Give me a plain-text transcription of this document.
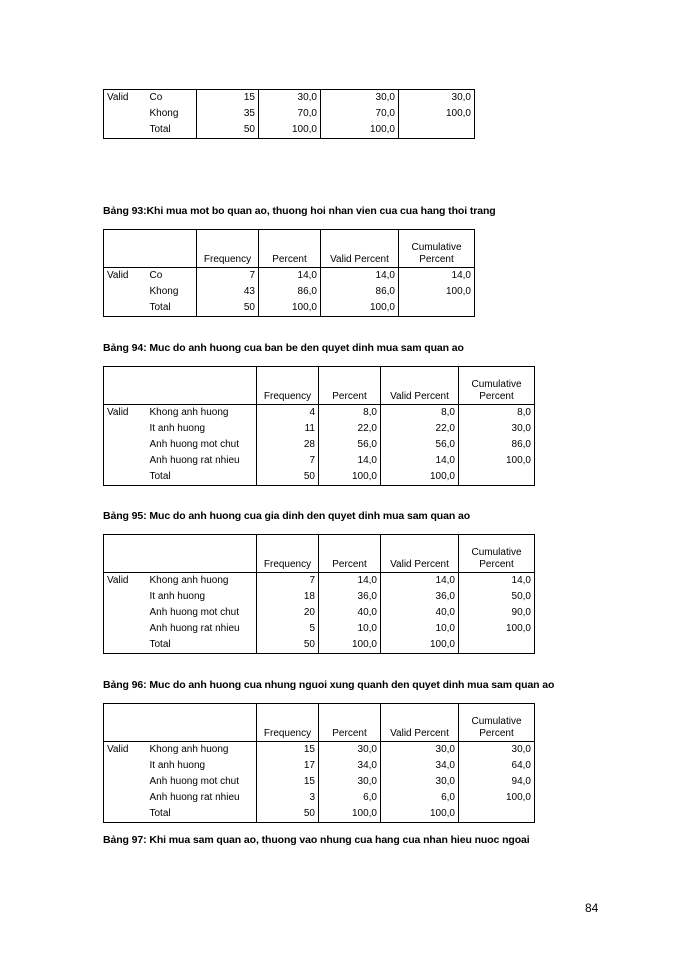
Valid	Co	15	30,0	30,0	30,0
	Khong	35	70,0	70,0	100,0
	Total	50	100,0	100,0	
Bảng 93:Khi mua mot bo quan ao, thuong hoi nhan vien cua cua hang thoi trang
		Frequency	Percent	Valid Percent	Cumulative
Percent
Valid	Co	7	14,0	14,0	14,0
	Khong	43	86,0	86,0	100,0
	Total	50	100,0	100,0	
Bảng 94: Muc do anh huong cua ban be den quyet dinh mua sam quan ao
		Frequency	Percent	Valid Percent	Cumulative
Percent
Valid	Khong anh huong	4	8,0	8,0	8,0
	It anh huong	11	22,0	22,0	30,0
	Anh huong mot chut	28	56,0	56,0	86,0
	Anh huong rat nhieu	7	14,0	14,0	100,0
	Total	50	100,0	100,0	
Bảng 95: Muc do anh huong cua gia dinh den quyet dinh mua sam quan ao
		Frequency	Percent	Valid Percent	Cumulative
Percent
Valid	Khong anh huong	7	14,0	14,0	14,0
	It anh huong	18	36,0	36,0	50,0
	Anh huong mot chut	20	40,0	40,0	90,0
	Anh huong rat nhieu	5	10,0	10,0	100,0
	Total	50	100,0	100,0	
Bảng 96: Muc do anh huong cua nhung nguoi xung quanh den quyet dinh mua sam quan ao
		Frequency	Percent	Valid Percent	Cumulative
Percent
Valid	Khong anh huong	15	30,0	30,0	30,0
	It anh huong	17	34,0	34,0	64,0
	Anh huong mot chut	15	30,0	30,0	94,0
	Anh huong rat nhieu	3	6,0	6,0	100,0
	Total	50	100,0	100,0	
Bảng 97: Khi mua sam quan ao, thuong vao nhung cua hang cua nhan hieu nuoc ngoai
84
